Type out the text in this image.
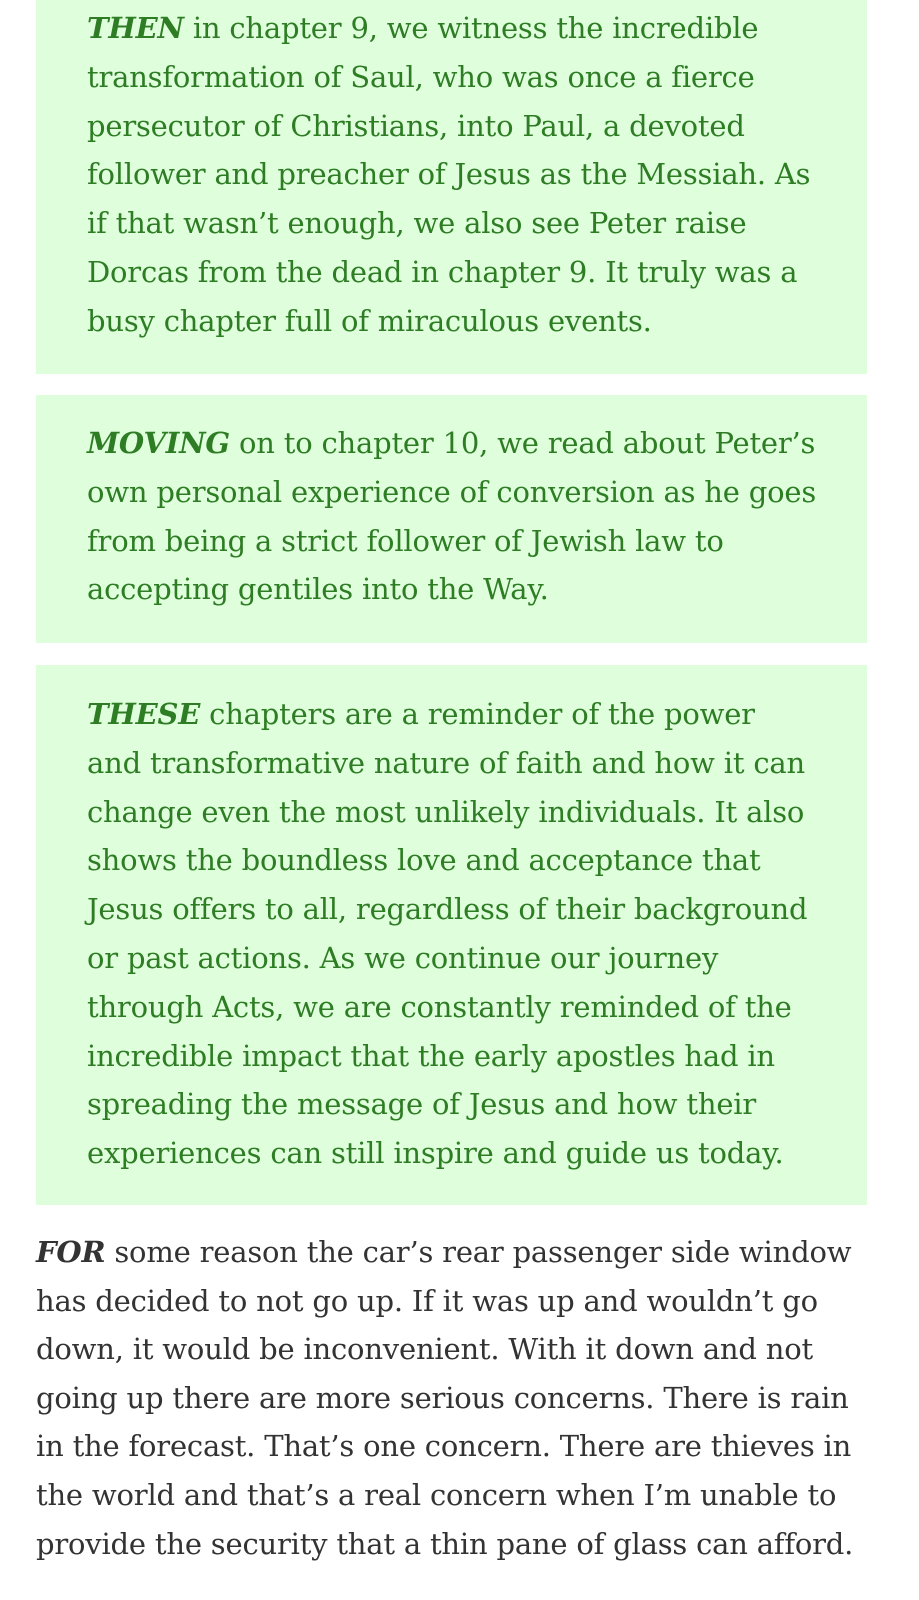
THEN in chapter 9, we witness the incredible transformation of Saul, who was once a fierce persecutor of Christians, into Paul, a devoted follower and preacher of Jesus as the Messiah. As if that wasn’t enough, we also see Peter raise Dorcas from the dead in chapter 9. It truly was a busy chapter full of miraculous events.

MOVING on to chapter 10, we read about Peter’s own personal experience of conversion as he goes from being a strict follower of Jewish law to accepting gentiles into the Way.

THESE chapters are a reminder of the power and transformative nature of faith and how it can change even the most unlikely individuals. It also shows the boundless love and acceptance that Jesus offers to all, regardless of their background or past actions. As we continue our journey through Acts, we are constantly reminded of the incredible impact that the early apostles had in spreading the message of Jesus and how their experiences can still inspire and guide us today.

FOR some reason the car’s rear passenger side window has decided to not go up. If it was up and wouldn’t go down, it would be inconvenient. With it down and not going up there are more serious concerns. There is rain in the forecast. That’s one concern. There are thieves in the world and that’s a real concern when I’m unable to provide the security that a thin pane of glass can afford.
